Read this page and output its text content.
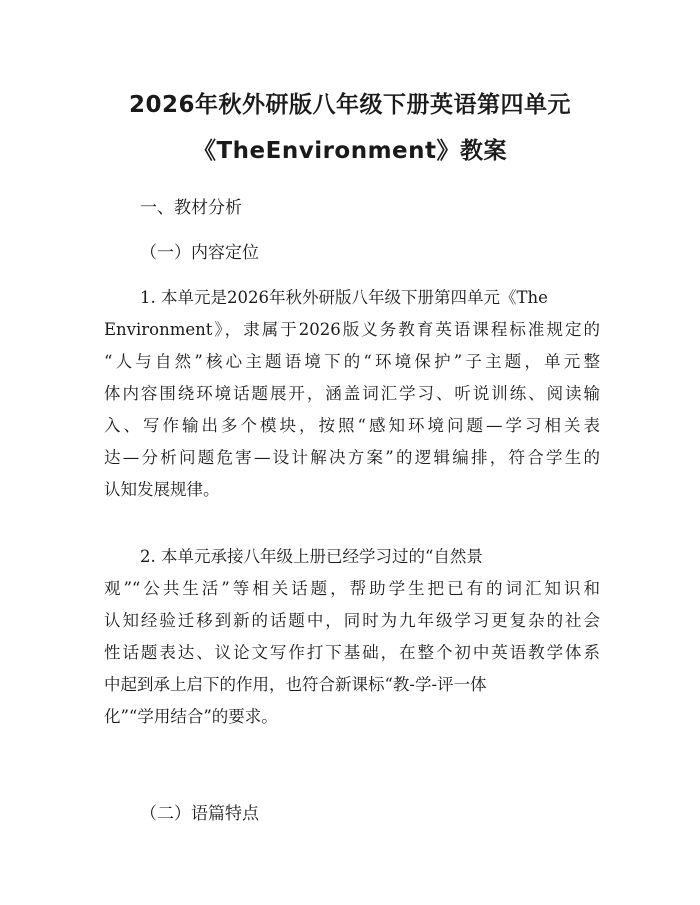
2026年秋外研版八年级下册英语第四单元
《TheEnvironment》教案
一、教材分析
（一）内容定位
1. 本单元是2026年秋外研版八年级下册第四单元《The
Environment》，隶属于2026版义务教育英语课程标准规定的
“人与自然”核心主题语境下的“环境保护”子主题，单元整
体内容围绕环境话题展开，涵盖词汇学习、听说训练、阅读输
入、写作输出多个模块，按照“感知环境问题—学习相关表
达—分析问题危害—设计解决方案”的逻辑编排，符合学生的
认知发展规律。
2. 本单元承接八年级上册已经学习过的“自然景
观”“公共生活”等相关话题，帮助学生把已有的词汇知识和
认知经验迁移到新的话题中，同时为九年级学习更复杂的社会
性话题表达、议论文写作打下基础，在整个初中英语教学体系
中起到承上启下的作用，也符合新课标“教-学-评一体
化”“学用结合”的要求。
（二）语篇特点
